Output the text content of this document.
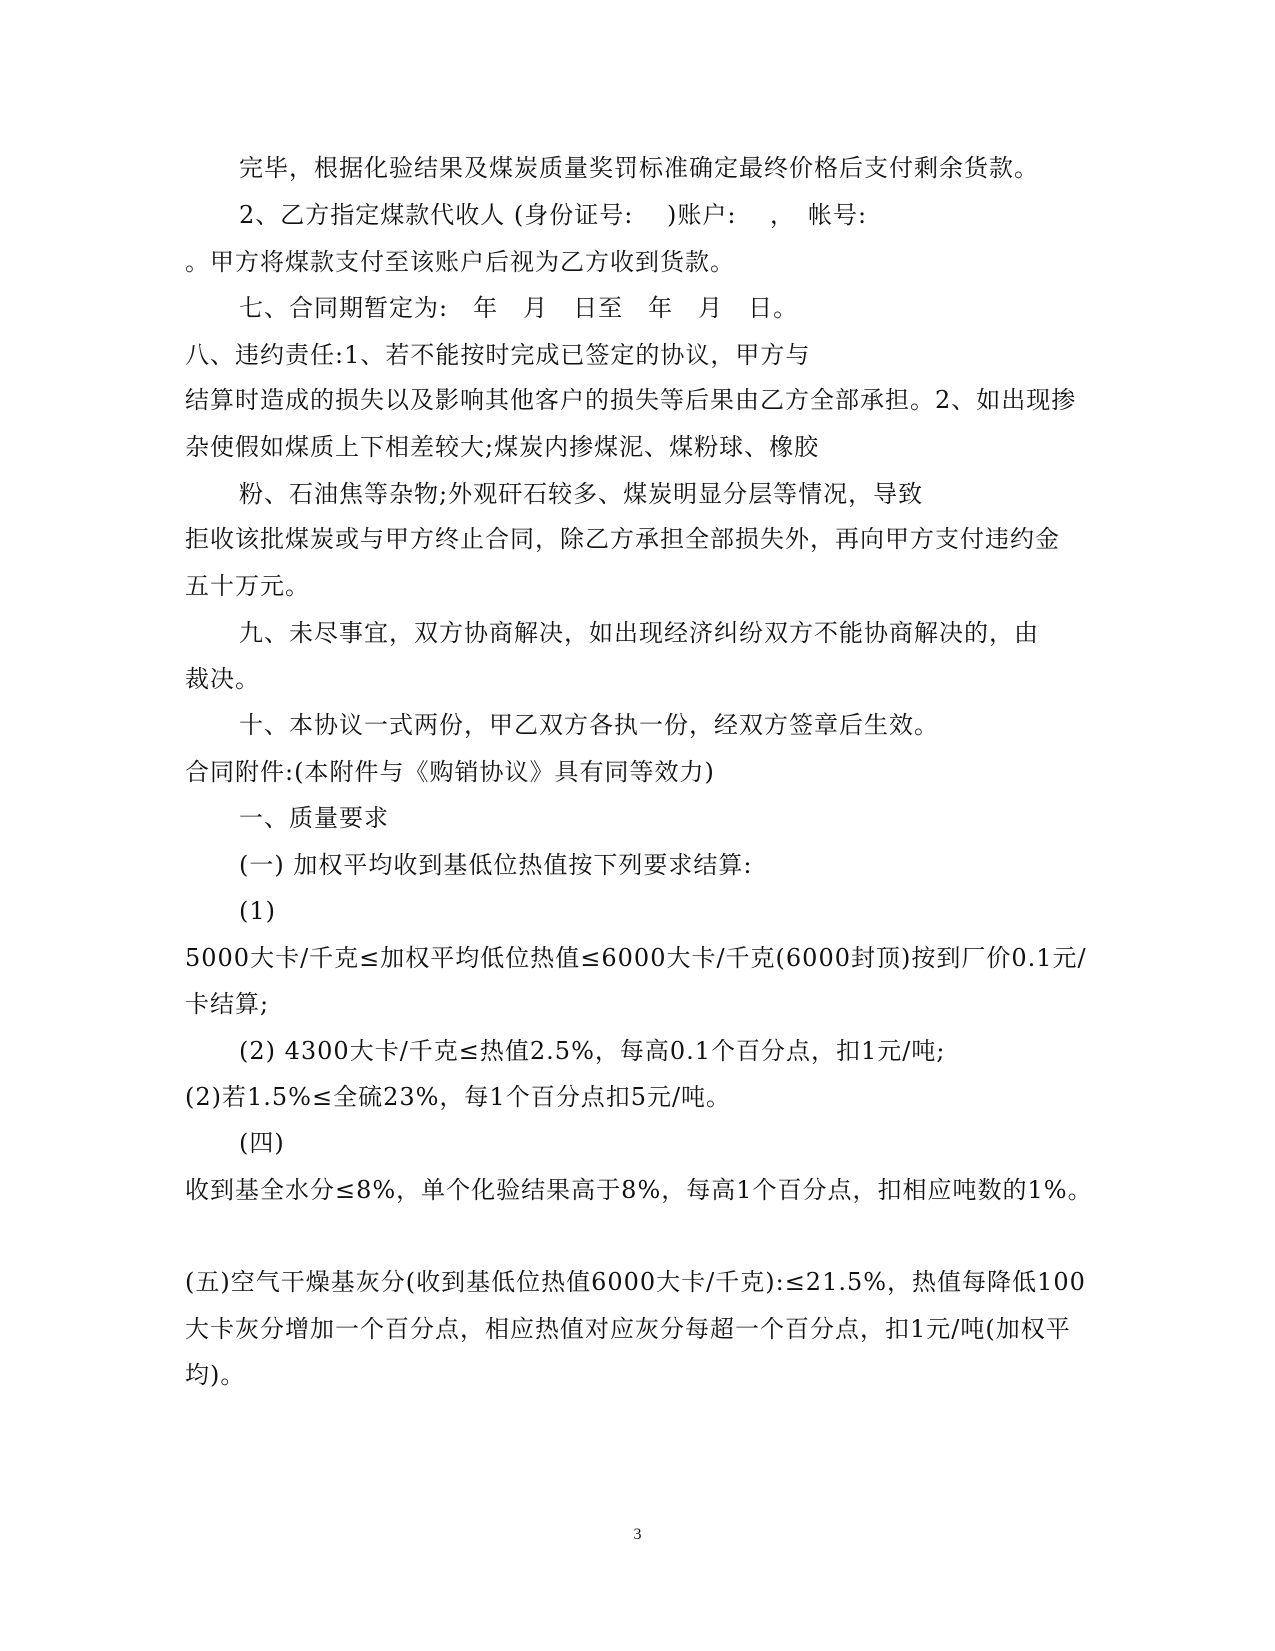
完毕，根据化验结果及煤炭质量奖罚标准确定最终价格后支付剩余货款。
2、乙方指定煤款代收人 (身份证号:　 )账户:　 ，　帐号:
。甲方将煤款支付至该账户后视为乙方收到货款。
七、合同期暂定为:　年　月　日至　年　月　日。
八、违约责任:1、若不能按时完成已签定的协议，甲方与
结算时造成的损失以及影响其他客户的损失等后果由乙方全部承担。2、如出现掺
杂使假如煤质上下相差较大;煤炭内掺煤泥、煤粉球、橡胶
粉、石油焦等杂物;外观矸石较多、煤炭明显分层等情况，导致
拒收该批煤炭或与甲方终止合同，除乙方承担全部损失外，再向甲方支付违约金
五十万元。
九、未尽事宜，双方协商解决，如出现经济纠纷双方不能协商解决的，由
裁决。
十、本协议一式两份，甲乙双方各执一份，经双方签章后生效。
合同附件:(本附件与《购销协议》具有同等效力)
一、质量要求
(一) 加权平均收到基低位热值按下列要求结算:
(1)
5000大卡/千克≤加权平均低位热值≤6000大卡/千克(6000封顶)按到厂价0.1元/
卡结算;
(2) 4300大卡/千克≤热值2.5%，每高0.1个百分点，扣1元/吨;
(2)若1.5%≤全硫23%，每1个百分点扣5元/吨。
(四)
收到基全水分≤8%，单个化验结果高于8%，每高1个百分点，扣相应吨数的1%。
(五)空气干燥基灰分(收到基低位热值6000大卡/千克):≤21.5%，热值每降低100
大卡灰分增加一个百分点，相应热值对应灰分每超一个百分点，扣1元/吨(加权平
均)。
3
